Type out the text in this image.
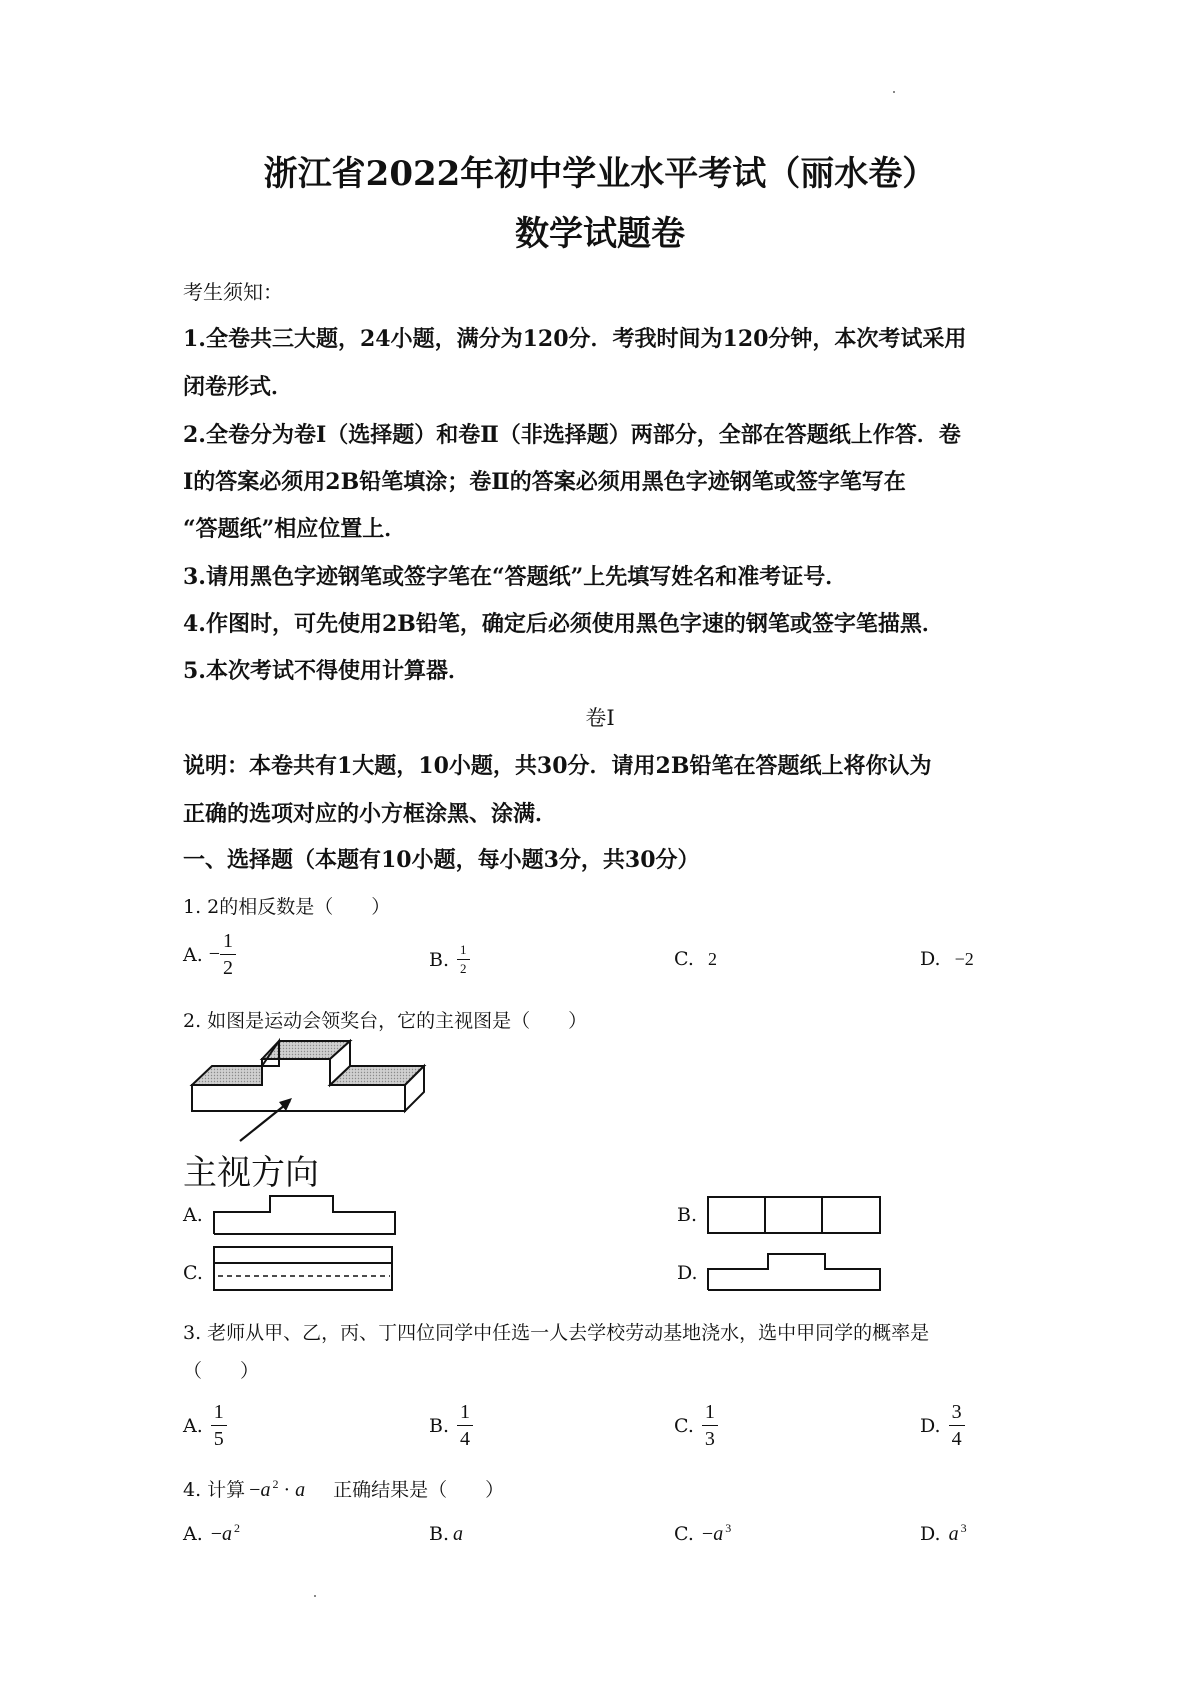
浙江省2022年初中学业水平考试（丽水卷）
数学试题卷
考生须知：
1.全卷共三大题，24小题，满分为120分．考我时间为120分钟，本次考试采用
闭卷形式．
2.全卷分为卷Ⅰ（选择题）和卷Ⅱ（非选择题）两部分，全部在答题纸上作答．卷
Ⅰ的答案必须用2B铅笔填涂；卷Ⅱ的答案必须用黑色字迹钢笔或签字笔写在
“答题纸”相应位置上．
3.请用黑色字迹钢笔或签字笔在“答题纸”上先填写姓名和准考证号．
4.作图时，可先使用2B铅笔，确定后必须使用黑色字速的钢笔或签字笔描黑．
5.本次考试不得使用计算器．
卷Ⅰ
说明：本卷共有1大题，10小题，共30分．请用2B铅笔在答题纸上将你认为
正确的选项对应的小方框涂黑、涂满．
一、选择题（本题有10小题，每小题3分，共30分）
1. 2的相反数是（　　）
A. − $\frac{1}{2}$	B. $\frac{1}{2}$	C. 2	D. −2
2. 如图是运动会领奖台，它的主视图是（　　）
主视方向
A.	B.
C.	D.
3. 老师从甲、乙，丙、丁四位同学中任选一人去学校劳动基地浇水，选中甲同学的概率是
（　　）
A. $\frac{1}{5}$	B. $\frac{1}{4}$	C. $\frac{1}{3}$	D. $\frac{3}{4}$
4. 计算 − $a^2 \cdot a$ 正确结果是（　　）
A. − $a^2$	B. a	C. − $a^3$	D. $a^3$
